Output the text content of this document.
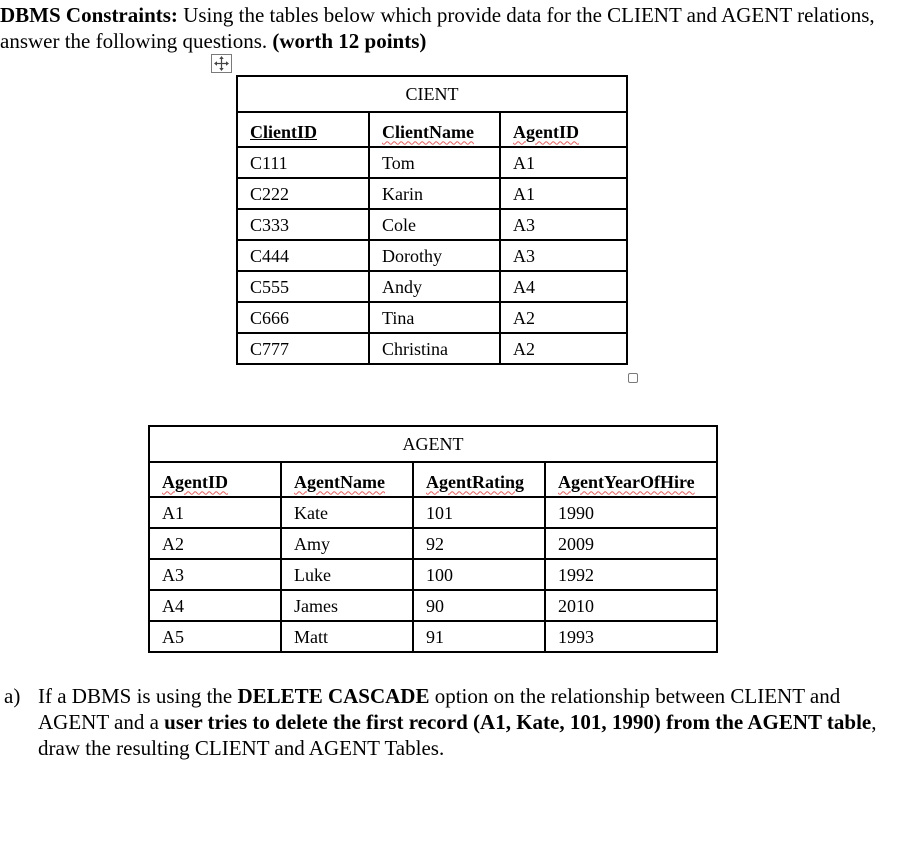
DBMS Constraints: Using the tables below which provide data for the CLIENT and AGENT relations, answer the following questions. (worth 12 points)
CIENT		
ClientID	ClientName	AgentID
C111	Tom	A1
C222	Karin	A1
C333	Cole	A3
C444	Dorothy	A3
C555	Andy	A4
C666	Tina	A2
C777	Christina	A2
AGENT			
AgentID	AgentName	AgentRating	AgentYearOfHire
A1	Kate	101	1990
A2	Amy	92	2009
A3	Luke	100	1992
A4	James	90	2010
A5	Matt	91	1993
a) If a DBMS is using the DELETE CASCADE option on the relationship between CLIENT and AGENT and a user tries to delete the first record (A1, Kate, 101, 1990) from the AGENT table, draw the resulting CLIENT and AGENT Tables.
